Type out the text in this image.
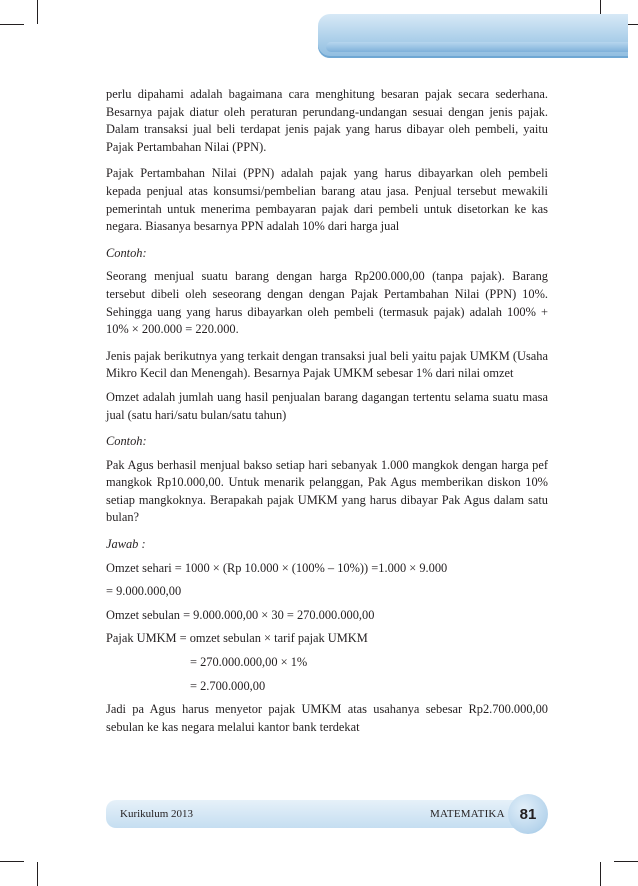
perlu dipahami adalah bagaimana cara menghitung besaran pajak secara sederhana. Besarnya pajak diatur oleh peraturan perundang-undangan sesuai dengan jenis pajak. Dalam transaksi jual beli terdapat jenis pajak yang harus dibayar oleh pembeli, yaitu Pajak Pertambahan Nilai (PPN).

Pajak Pertambahan Nilai (PPN) adalah pajak yang harus dibayarkan oleh pembeli kepada penjual atas konsumsi/pembelian barang atau jasa. Penjual tersebut mewakili pemerintah untuk menerima pembayaran pajak dari pembeli untuk disetorkan ke kas negara. Biasanya besarnya PPN adalah 10% dari harga jual

Contoh:

Seorang menjual suatu barang dengan harga Rp200.000,00 (tanpa pajak). Barang tersebut dibeli oleh seseorang dengan dengan Pajak Pertambahan Nilai (PPN) 10%. Sehingga uang yang harus dibayarkan oleh pembeli (termasuk pajak) adalah 100% + 10% × 200.000 = 220.000.

Jenis pajak berikutnya yang terkait dengan transaksi jual beli yaitu pajak UMKM (Usaha Mikro Kecil dan Menengah). Besarnya Pajak UMKM sebesar 1% dari nilai omzet

Omzet adalah jumlah uang hasil penjualan barang dagangan tertentu selama suatu masa jual (satu hari/satu bulan/satu tahun)

Contoh:

Pak Agus berhasil menjual bakso setiap hari sebanyak 1.000 mangkok dengan harga pef mangkok Rp10.000,00. Untuk menarik pelanggan, Pak Agus memberikan diskon 10% setiap mangkoknya. Berapakah pajak UMKM yang harus dibayar Pak Agus dalam satu bulan?

Jawab :
Omzet sehari = 1000 × (Rp 10.000 × (100% – 10%)) =1.000 × 9.000
= 9.000.000,00
Omzet sebulan = 9.000.000,00 × 30 = 270.000.000,00
Pajak UMKM = omzet sebulan × tarif pajak UMKM
= 270.000.000,00 × 1%
= 2.700.000,00

Jadi pa Agus harus menyetor pajak UMKM atas usahanya sebesar Rp2.700.000,00 sebulan ke kas negara melalui kantor bank terdekat

Kurikulum 2013	MATEMATIKA 81
